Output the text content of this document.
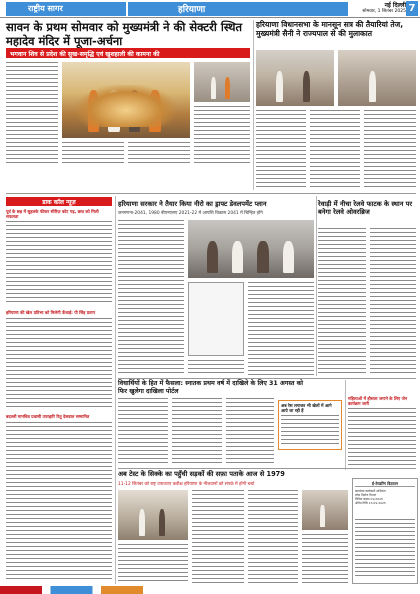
राष्ट्रीय सागर	हरियाणा	नई दिल्ली
सोमवार, 1 सितंबर 2025 7
सावन के प्रथम सोमवार को मुख्यमंत्री ने की सेक्टरी स्थित महादेव मंदिर में पूजा-अर्चना
भगवान शिव से प्रदेश की सुख-समृद्धि एवं खुशहाली की कामना की
हरियाणा विधानसभा के मानसून सत्र की तैयारियां तेज, मुख्यमंत्री सैनी ने राज्यपाल से की मुलाकात
डाक कॉल न्यूज़
पूर्व के छह में सुहलके फीकर सीरिज़ कोट गढ़, छात्र को मिली सफलता
हरियाणा की खेल प्रतिभा को मिलेगी ऊँचाई: पी सिंह प्रताप
बदल्ली मानचित्र प्रवासी उपरहारि रितु देसवाल सम्मानित
हरियाणा सरकार ने तैयार किया नीरो का ड्राफ्ट डेवलपमेंट प्लान
जनगणना-2041, 1980 बीएनएसए 2021-22 में आपत्ति विकास 2041 में चिन्हित होंगे
रेवाड़ी में नीचा रेलवे फाटक के स्थान पर बनेगा रेलवे ओवरब्रिज
विधार्थियों के हित में फैसला: स्नातक प्रथम वर्ष में दाखिले के लिए 31 अगस्त को फिर खुलेगा दाखिला पोर्टल
अब रेस लगाकर भी खेलों में आगे आये जा रही हैं
महिलाओं में हौसला जगाने के लिए जेन कार्यक्रम जारी
अब टेस्ट के सिक्के का पहुँची सड़कों की सफ़ा पताके आज से 1979
11-12 सितंबर को राष्ट्र उपाध्याय कवीक्ष हरियाणा के नौजवानों को संपर्क में होंगी चर्चा	ई-टेण्डरिंग विज्ञापन
कार्यालय कार्यकारी अभियंता
लोक निर्माण विभाग
निविदा संख्या 01/2025
अंतिम तिथि 15.09.2025
